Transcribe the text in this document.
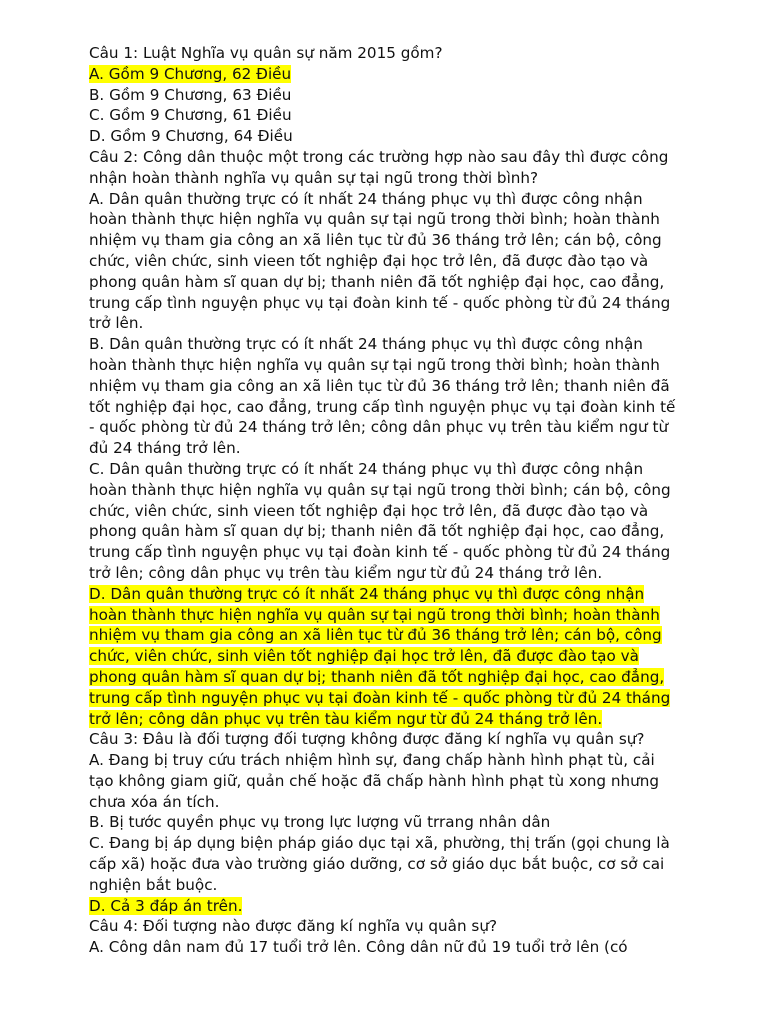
Câu 1: Luật Nghĩa vụ quân sự năm 2015 gồm?
A. Gồm 9 Chương, 62 Điều
B. Gồm 9 Chương, 63 Điều
C. Gồm 9 Chương, 61 Điều
D. Gồm 9 Chương, 64 Điều
Câu 2: Công dân thuộc một trong các trường hợp nào sau đây thì được công
nhận hoàn thành nghĩa vụ quân sự tại ngũ trong thời bình?
A. Dân quân thường trực có ít nhất 24 tháng phục vụ thì được công nhận
hoàn thành thực hiện nghĩa vụ quân sự tại ngũ trong thời bình; hoàn thành
nhiệm vụ tham gia công an xã liên tục từ đủ 36 tháng trở lên; cán bộ, công
chức, viên chức, sinh vieen tốt nghiệp đại học trở lên, đã được đào tạo và
phong quân hàm sĩ quan dự bị; thanh niên đã tốt nghiệp đại học, cao đẳng,
trung cấp tình nguyện phục vụ tại đoàn kinh tế - quốc phòng từ đủ 24 tháng
trở lên.
B. Dân quân thường trực có ít nhất 24 tháng phục vụ thì được công nhận
hoàn thành thực hiện nghĩa vụ quân sự tại ngũ trong thời bình; hoàn thành
nhiệm vụ tham gia công an xã liên tục từ đủ 36 tháng trở lên; thanh niên đã
tốt nghiệp đại học, cao đẳng, trung cấp tình nguyện phục vụ tại đoàn kinh tế
- quốc phòng từ đủ 24 tháng trở lên; công dân phục vụ trên tàu kiểm ngư từ
đủ 24 tháng trở lên.
C. Dân quân thường trực có ít nhất 24 tháng phục vụ thì được công nhận
hoàn thành thực hiện nghĩa vụ quân sự tại ngũ trong thời bình; cán bộ, công
chức, viên chức, sinh vieen tốt nghiệp đại học trở lên, đã được đào tạo và
phong quân hàm sĩ quan dự bị; thanh niên đã tốt nghiệp đại học, cao đẳng,
trung cấp tình nguyện phục vụ tại đoàn kinh tế - quốc phòng từ đủ 24 tháng
trở lên; công dân phục vụ trên tàu kiểm ngư từ đủ 24 tháng trở lên.
D. Dân quân thường trực có ít nhất 24 tháng phục vụ thì được công nhận
hoàn thành thực hiện nghĩa vụ quân sự tại ngũ trong thời bình; hoàn thành
nhiệm vụ tham gia công an xã liên tục từ đủ 36 tháng trở lên; cán bộ, công
chức, viên chức, sinh viên tốt nghiệp đại học trở lên, đã được đào tạo và
phong quân hàm sĩ quan dự bị; thanh niên đã tốt nghiệp đại học, cao đẳng,
trung cấp tình nguyện phục vụ tại đoàn kinh tế - quốc phòng từ đủ 24 tháng
trở lên; công dân phục vụ trên tàu kiểm ngư từ đủ 24 tháng trở lên.
Câu 3: Đâu là đối tượng đối tượng không được đăng kí nghĩa vụ quân sự?
A. Đang bị truy cứu trách nhiệm hình sự, đang chấp hành hình phạt tù, cải
tạo không giam giữ, quản chế hoặc đã chấp hành hình phạt tù xong nhưng
chưa xóa án tích.
B. Bị tước quyền phục vụ trong lực lượng vũ trrang nhân dân
C. Đang bị áp dụng biện pháp giáo dục tại xã, phường, thị trấn (gọi chung là
cấp xã) hoặc đưa vào trường giáo dưỡng, cơ sở giáo dục bắt buộc, cơ sở cai
nghiện bắt buộc.
D. Cả 3 đáp án trên.
Câu 4: Đối tượng nào được đăng kí nghĩa vụ quân sự?
A. Công dân nam đủ 17 tuổi trở lên. Công dân nữ đủ 19 tuổi trở lên (có
